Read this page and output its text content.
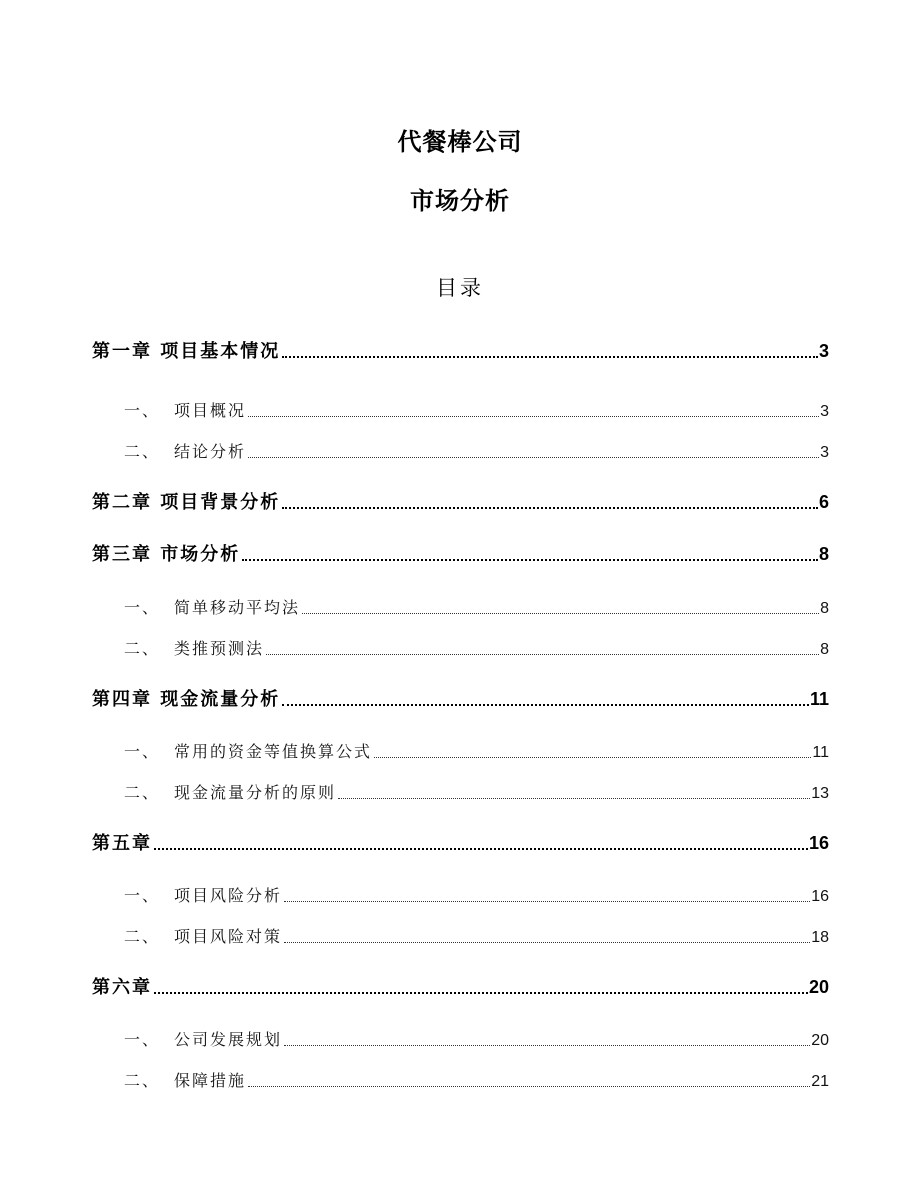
代餐棒公司
市场分析
目录
第一章 项目基本情况	3
一、 项目概况	3
二、 结论分析	3
第二章 项目背景分析	6
第三章 市场分析	8
一、 简单移动平均法	8
二、 类推预测法	8
第四章 现金流量分析	11
一、 常用的资金等值换算公式	11
二、 现金流量分析的原则	13
第五章	16
一、 项目风险分析	16
二、 项目风险对策	18
第六章	20
一、 公司发展规划	20
二、 保障措施	21
